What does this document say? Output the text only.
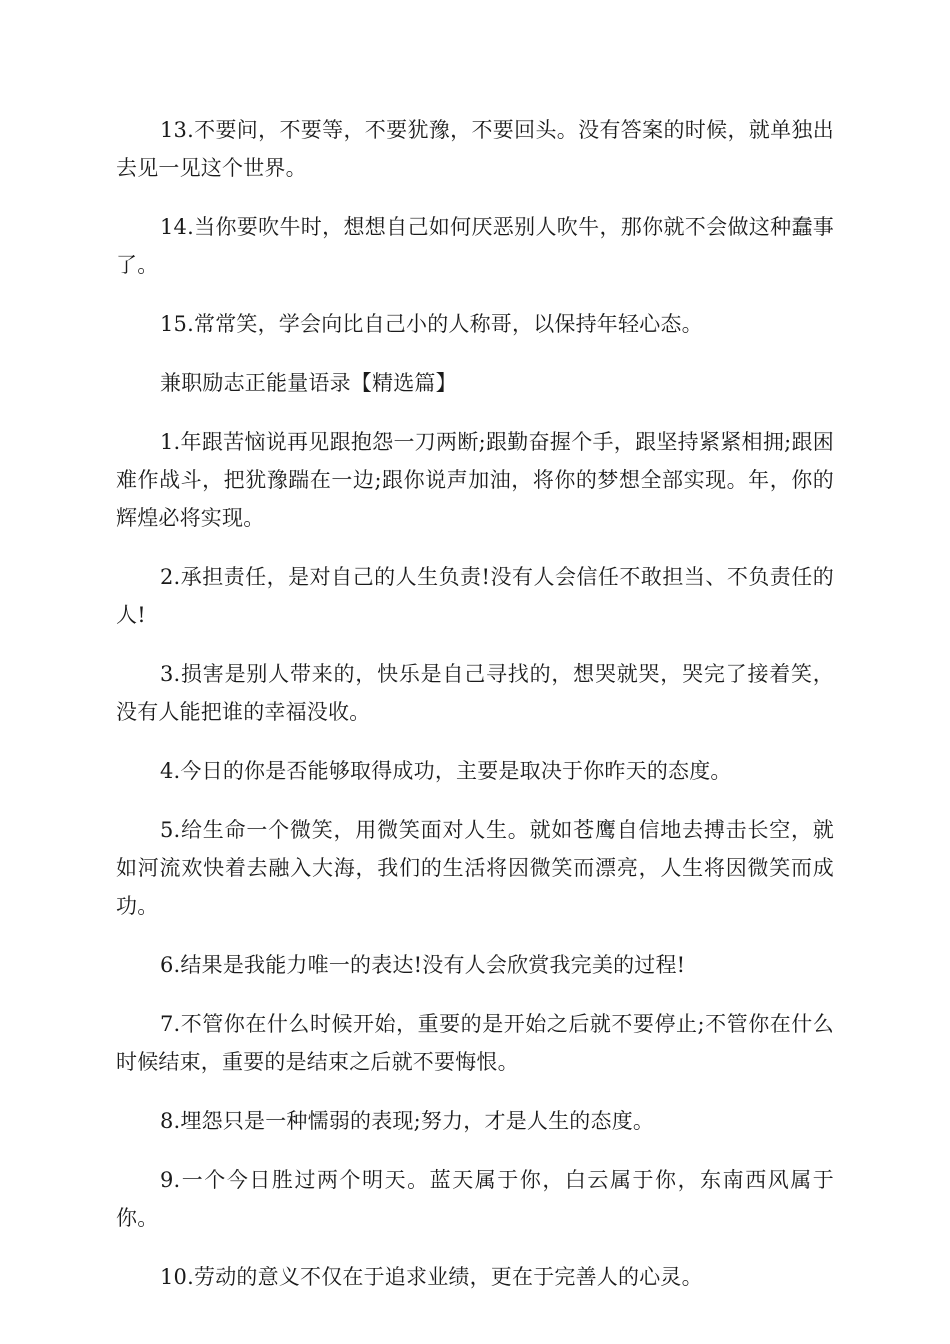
13.不要问，不要等，不要犹豫，不要回头。没有答案的时候，就单独出去见一见这个世界。

14.当你要吹牛时，想想自己如何厌恶别人吹牛，那你就不会做这种蠢事了。

15.常常笑，学会向比自己小的人称哥，以保持年轻心态。

兼职励志正能量语录【精选篇】

1.年跟苦恼说再见跟抱怨一刀两断;跟勤奋握个手，跟坚持紧紧相拥;跟困难作战斗，把犹豫踹在一边;跟你说声加油，将你的梦想全部实现。年，你的辉煌必将实现。

2.承担责任，是对自己的人生负责!没有人会信任不敢担当、不负责任的人!

3.损害是别人带来的，快乐是自己寻找的，想哭就哭，哭完了接着笑，没有人能把谁的幸福没收。

4.今日的你是否能够取得成功，主要是取决于你昨天的态度。

5.给生命一个微笑，用微笑面对人生。就如苍鹰自信地去搏击长空，就如河流欢快着去融入大海，我们的生活将因微笑而漂亮，人生将因微笑而成功。

6.结果是我能力唯一的表达!没有人会欣赏我完美的过程!

7.不管你在什么时候开始，重要的是开始之后就不要停止;不管你在什么时候结束，重要的是结束之后就不要悔恨。

8.埋怨只是一种懦弱的表现;努力，才是人生的态度。

9.一个今日胜过两个明天。蓝天属于你，白云属于你，东南西风属于你。

10.劳动的意义不仅在于追求业绩，更在于完善人的心灵。
